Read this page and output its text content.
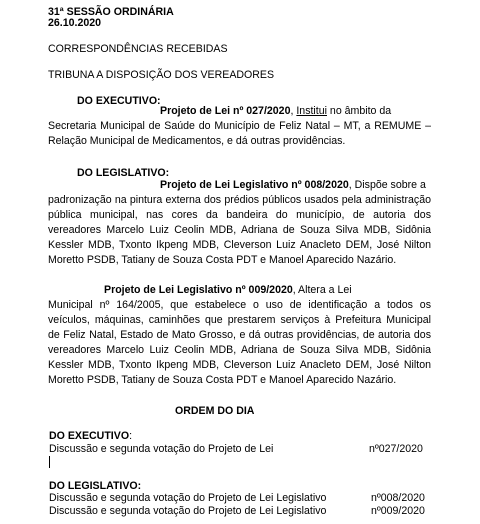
31ª SESSÃO ORDINÁRIA
26.10.2020
CORRESPONDÊNCIAS RECEBIDAS
TRIBUNA A DISPOSIÇÃO DOS VEREADORES
DO EXECUTIVO:
Projeto de Lei nº 027/2020, Institui no âmbito da
Secretaria Municipal de Saúde do Município de Feliz Natal – MT, a REMUME –
Relação Municipal de Medicamentos, e dá outras providências.
DO LEGISLATIVO:
Projeto de Lei Legislativo nº 008/2020, Dispõe sobre a
padronização na pintura externa dos prédios públicos usados pela administração
pública municipal, nas cores da bandeira do município, de autoria dos
vereadores Marcelo Luiz Ceolin MDB, Adriana de Souza Silva MDB, Sidônia
Kessler MDB, Txonto Ikpeng MDB, Cleverson Luiz Anacleto DEM, José Nilton
Moretto PSDB, Tatiany de Souza Costa PDT e Manoel Aparecido Nazário.
Projeto de Lei Legislativo nº 009/2020, Altera a Lei
Municipal nº 164/2005, que estabelece o uso de identificação a todos os
veículos, máquinas, caminhões que prestarem serviços à Prefeitura Municipal
de Feliz Natal, Estado de Mato Grosso, e dá outras providências, de autoria dos
vereadores Marcelo Luiz Ceolin MDB, Adriana de Souza Silva MDB, Sidônia
Kessler MDB, Txonto Ikpeng MDB, Cleverson Luiz Anacleto DEM, José Nilton
Moretto PSDB, Tatiany de Souza Costa PDT e Manoel Aparecido Nazário.
ORDEM DO DIA
DO EXECUTIVO:
Discussão e segunda votação do Projeto de Lei	nº027/2020
DO LEGISLATIVO:
Discussão e segunda votação do Projeto de Lei Legislativo	nº008/2020
Discussão e segunda votação do Projeto de Lei Legislativo	nº009/2020
